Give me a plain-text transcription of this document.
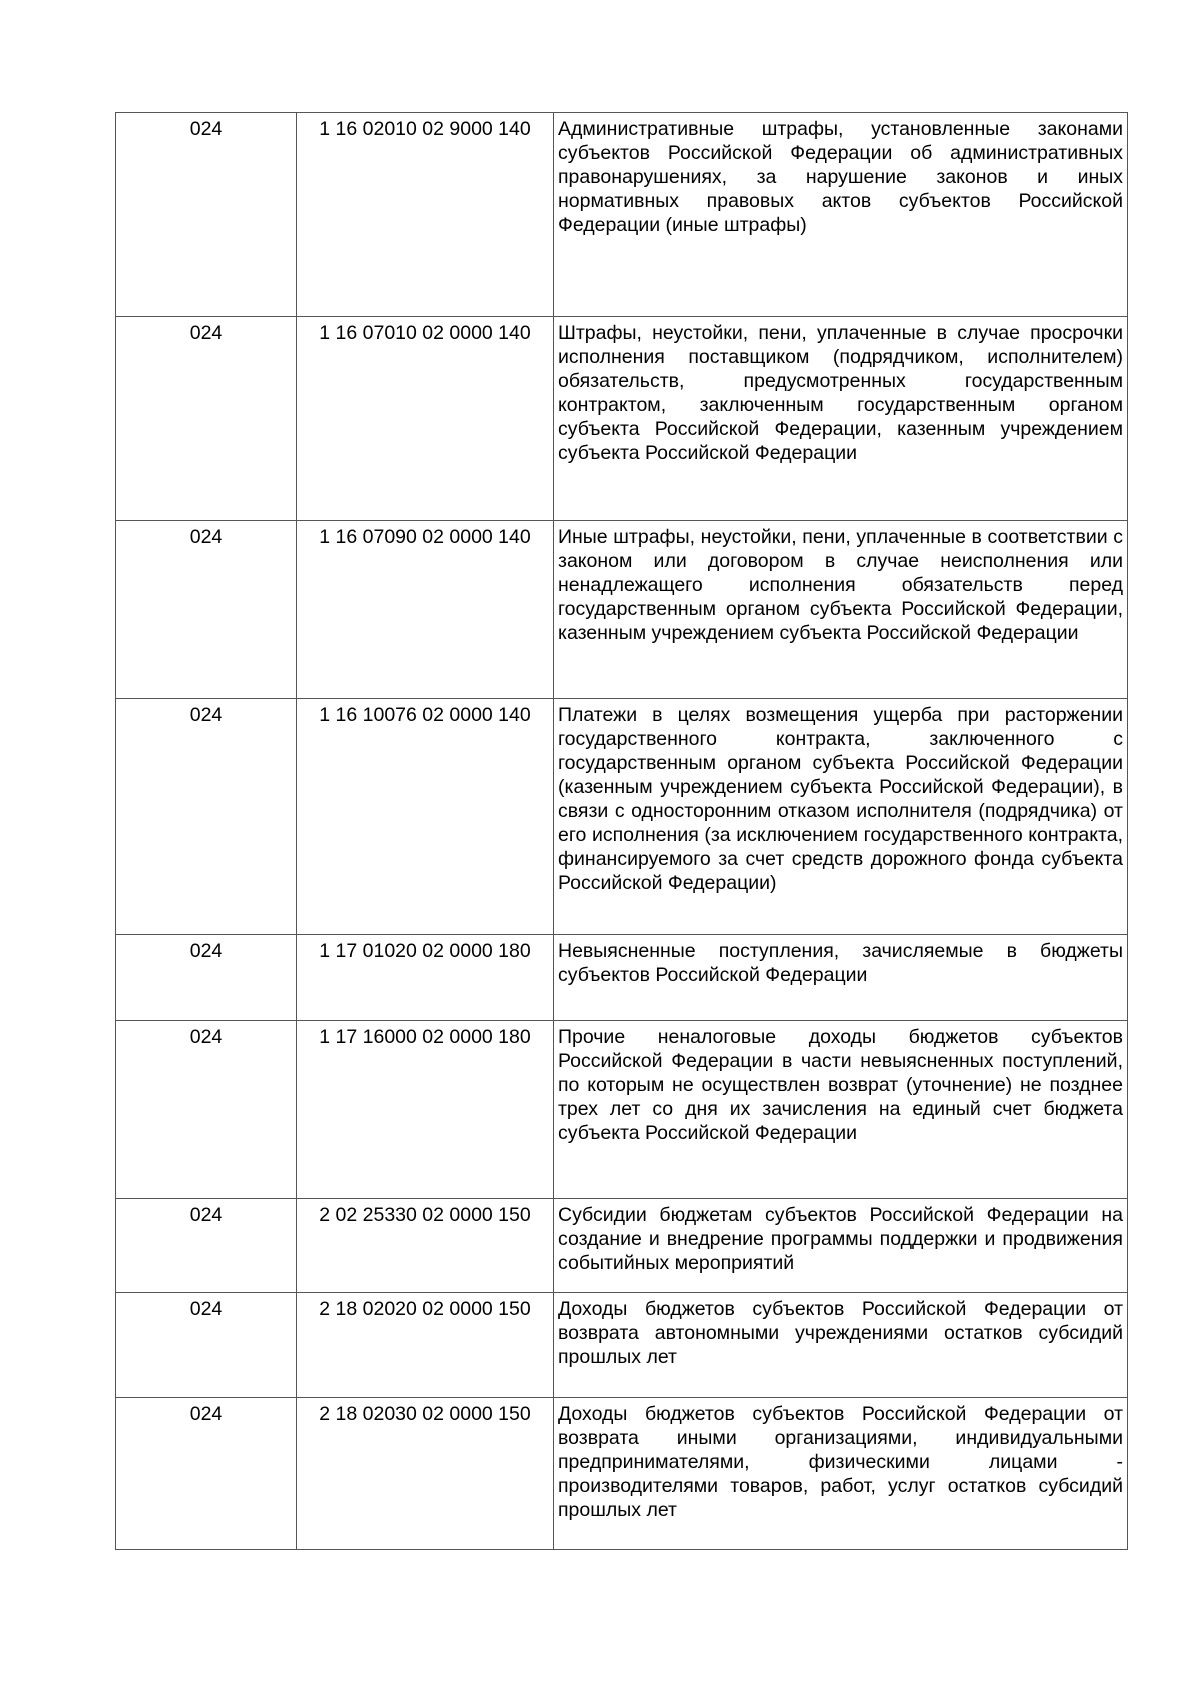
024	1 16 02010 02 9000 140	Административные штрафы, установленные законами субъектов Российской Федерации об административных правонарушениях, за нарушение законов и иных нормативных правовых актов субъектов Российской Федерации (иные штрафы)
024	1 16 07010 02 0000 140	Штрафы, неустойки, пени, уплаченные в случае просрочки исполнения поставщиком (подрядчиком, исполнителем) обязательств, предусмотренных государственным контрактом, заключенным государственным органом субъекта Российской Федерации, казенным учреждением субъекта Российской Федерации
024	1 16 07090 02 0000 140	Иные штрафы, неустойки, пени, уплаченные в соответствии с законом или договором в случае неисполнения или ненадлежащего исполнения обязательств перед государственным органом субъекта Российской Федерации, казенным учреждением субъекта Российской Федерации
024	1 16 10076 02 0000 140	Платежи в целях возмещения ущерба при расторжении государственного контракта, заключенного с государственным органом субъекта Российской Федерации (казенным учреждением субъекта Российской Федерации), в связи с односторонним отказом исполнителя (подрядчика) от его исполнения (за исключением государственного контракта, финансируемого за счет средств дорожного фонда субъекта Российской Федерации)
024	1 17 01020 02 0000 180	Невыясненные поступления, зачисляемые в бюджеты субъектов Российской Федерации
024	1 17 16000 02 0000 180	Прочие неналоговые доходы бюджетов субъектов Российской Федерации в части невыясненных поступлений, по которым не осуществлен возврат (уточнение) не позднее трех лет со дня их зачисления на единый счет бюджета субъекта Российской Федерации
024	2 02 25330 02 0000 150	Субсидии бюджетам субъектов Российской Федерации на создание и внедрение программы поддержки и продвижения событийных мероприятий
024	2 18 02020 02 0000 150	Доходы бюджетов субъектов Российской Федерации от возврата автономными учреждениями остатков субсидий прошлых лет
024	2 18 02030 02 0000 150	Доходы бюджетов субъектов Российской Федерации от возврата иными организациями, индивидуальными предпринимателями, физическими лицами - производителями товаров, работ, услуг остатков субсидий прошлых лет
